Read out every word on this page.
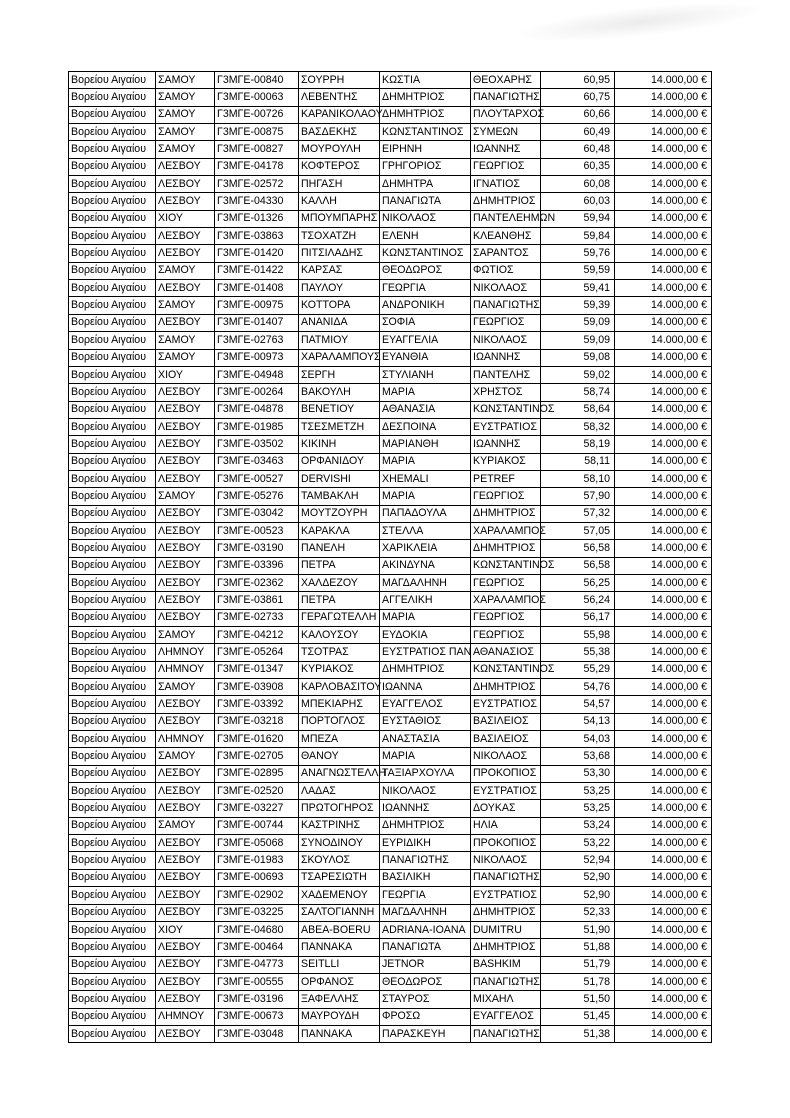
Βορείου Αιγαίου	ΣΑΜΟΥ	Γ3ΜΓΕ-00840	ΣΟΥΡΡΗ	ΚΩΣΤΙΑ	ΘΕΟΧΑΡΗΣ	60,95	14.000,00 €
Βορείου Αιγαίου	ΣΑΜΟΥ	Γ3ΜΓΕ-00063	ΛΕΒΕΝΤΗΣ	ΔΗΜΗΤΡΙΟΣ	ΠΑΝΑΓΙΩΤΗΣ	60,75	14.000,00 €
Βορείου Αιγαίου	ΣΑΜΟΥ	Γ3ΜΓΕ-00726	ΚΑΡΑΝΙΚΟΛΑΟΥ	ΔΗΜΗΤΡΙΟΣ	ΠΛΟΥΤΑΡΧΟΣ	60,66	14.000,00 €
Βορείου Αιγαίου	ΣΑΜΟΥ	Γ3ΜΓΕ-00875	ΒΑΣΔΕΚΗΣ	ΚΩΝΣΤΑΝΤΙΝΟΣ	ΣΥΜΕΩΝ	60,49	14.000,00 €
Βορείου Αιγαίου	ΣΑΜΟΥ	Γ3ΜΓΕ-00827	ΜΟΥΡΟΥΛΗ	ΕΙΡΗΝΗ	ΙΩΑΝΝΗΣ	60,48	14.000,00 €
Βορείου Αιγαίου	ΛΕΣΒΟΥ	Γ3ΜΓΕ-04178	ΚΟΦΤΕΡΟΣ	ΓΡΗΓΟΡΙΟΣ	ΓΕΩΡΓΙΟΣ	60,35	14.000,00 €
Βορείου Αιγαίου	ΛΕΣΒΟΥ	Γ3ΜΓΕ-02572	ΠΗΓΑΣΗ	ΔΗΜΗΤΡΑ	ΙΓΝΑΤΙΟΣ	60,08	14.000,00 €
Βορείου Αιγαίου	ΛΕΣΒΟΥ	Γ3ΜΓΕ-04330	ΚΑΛΛΗ	ΠΑΝΑΓΙΩΤΑ	ΔΗΜΗΤΡΙΟΣ	60,03	14.000,00 €
Βορείου Αιγαίου	ΧΙΟΥ	Γ3ΜΓΕ-01326	ΜΠΟΥΜΠΑΡΗΣ	ΝΙΚΟΛΑΟΣ	ΠΑΝΤΕΛΕΗΜΩΝ	59,94	14.000,00 €
Βορείου Αιγαίου	ΛΕΣΒΟΥ	Γ3ΜΓΕ-03863	ΤΣΟΧΑΤΖΗ	ΕΛΕΝΗ	ΚΛΕΑΝΘΗΣ	59,84	14.000,00 €
Βορείου Αιγαίου	ΛΕΣΒΟΥ	Γ3ΜΓΕ-01420	ΠΙΤΣΙΛΑΔΗΣ	ΚΩΝΣΤΑΝΤΙΝΟΣ	ΣΑΡΑΝΤΟΣ	59,76	14.000,00 €
Βορείου Αιγαίου	ΣΑΜΟΥ	Γ3ΜΓΕ-01422	ΚΑΡΣΑΣ	ΘΕΟΔΩΡΟΣ	ΦΩΤΙΟΣ	59,59	14.000,00 €
Βορείου Αιγαίου	ΛΕΣΒΟΥ	Γ3ΜΓΕ-01408	ΠΑΥΛΟΥ	ΓΕΩΡΓΙΑ	ΝΙΚΟΛΑΟΣ	59,41	14.000,00 €
Βορείου Αιγαίου	ΣΑΜΟΥ	Γ3ΜΓΕ-00975	ΚΟΤΤΟΡΑ	ΑΝΔΡΟΝΙΚΗ	ΠΑΝΑΓΙΩΤΗΣ	59,39	14.000,00 €
Βορείου Αιγαίου	ΛΕΣΒΟΥ	Γ3ΜΓΕ-01407	ΑΝΑΝΙΔΑ	ΣΟΦΙΑ	ΓΕΩΡΓΙΟΣ	59,09	14.000,00 €
Βορείου Αιγαίου	ΣΑΜΟΥ	Γ3ΜΓΕ-02763	ΠΑΤΜΙΟΥ	ΕΥΑΓΓΕΛΙΑ	ΝΙΚΟΛΑΟΣ	59,09	14.000,00 €
Βορείου Αιγαίου	ΣΑΜΟΥ	Γ3ΜΓΕ-00973	ΧΑΡΑΛΑΜΠΟΥΣ	ΕΥΑΝΘΙΑ	ΙΩΑΝΝΗΣ	59,08	14.000,00 €
Βορείου Αιγαίου	ΧΙΟΥ	Γ3ΜΓΕ-04948	ΣΕΡΓΗ	ΣΤΥΛΙΑΝΗ	ΠΑΝΤΕΛΗΣ	59,02	14.000,00 €
Βορείου Αιγαίου	ΛΕΣΒΟΥ	Γ3ΜΓΕ-00264	ΒΑΚΟΥΛΗ	ΜΑΡΙΑ	ΧΡΗΣΤΟΣ	58,74	14.000,00 €
Βορείου Αιγαίου	ΛΕΣΒΟΥ	Γ3ΜΓΕ-04878	ΒΕΝΕΤΙΟΥ	ΑΘΑΝΑΣΙΑ	ΚΩΝΣΤΑΝΤΙΝΟΣ	58,64	14.000,00 €
Βορείου Αιγαίου	ΛΕΣΒΟΥ	Γ3ΜΓΕ-01985	ΤΣΕΣΜΕΤΖΗ	ΔΕΣΠΟΙΝΑ	ΕΥΣΤΡΑΤΙΟΣ	58,32	14.000,00 €
Βορείου Αιγαίου	ΛΕΣΒΟΥ	Γ3ΜΓΕ-03502	ΚΙΚΙΝΗ	ΜΑΡΙΑΝΘΗ	ΙΩΑΝΝΗΣ	58,19	14.000,00 €
Βορείου Αιγαίου	ΛΕΣΒΟΥ	Γ3ΜΓΕ-03463	ΟΡΦΑΝΙΔΟΥ	ΜΑΡΙΑ	ΚΥΡΙΑΚΟΣ	58,11	14.000,00 €
Βορείου Αιγαίου	ΛΕΣΒΟΥ	Γ3ΜΓΕ-00527	DERVISHI	XHEMALI	PETREF	58,10	14.000,00 €
Βορείου Αιγαίου	ΣΑΜΟΥ	Γ3ΜΓΕ-05276	ΤΑΜΒΑΚΛΗ	ΜΑΡΙΑ	ΓΕΩΡΓΙΟΣ	57,90	14.000,00 €
Βορείου Αιγαίου	ΛΕΣΒΟΥ	Γ3ΜΓΕ-03042	ΜΟΥΤΖΟΥΡΗ	ΠΑΠΑΔΟΥΛΑ	ΔΗΜΗΤΡΙΟΣ	57,32	14.000,00 €
Βορείου Αιγαίου	ΛΕΣΒΟΥ	Γ3ΜΓΕ-00523	ΚΑΡΑΚΛΑ	ΣΤΕΛΛΑ	ΧΑΡΑΛΑΜΠΟΣ	57,05	14.000,00 €
Βορείου Αιγαίου	ΛΕΣΒΟΥ	Γ3ΜΓΕ-03190	ΠΑΝΕΛΗ	ΧΑΡΙΚΛΕΙΑ	ΔΗΜΗΤΡΙΟΣ	56,58	14.000,00 €
Βορείου Αιγαίου	ΛΕΣΒΟΥ	Γ3ΜΓΕ-03396	ΠΕΤΡΑ	ΑΚΙΝΔΥΝΑ	ΚΩΝΣΤΑΝΤΙΝΟΣ	56,58	14.000,00 €
Βορείου Αιγαίου	ΛΕΣΒΟΥ	Γ3ΜΓΕ-02362	ΧΑΛΔΕΖΟΥ	ΜΑΓΔΑΛΗΝΗ	ΓΕΩΡΓΙΟΣ	56,25	14.000,00 €
Βορείου Αιγαίου	ΛΕΣΒΟΥ	Γ3ΜΓΕ-03861	ΠΕΤΡΑ	ΑΓΓΕΛΙΚΗ	ΧΑΡΑΛΑΜΠΟΣ	56,24	14.000,00 €
Βορείου Αιγαίου	ΛΕΣΒΟΥ	Γ3ΜΓΕ-02733	ΓΕΡΑΓΩΤΕΛΛΗ	ΜΑΡΙΑ	ΓΕΩΡΓΙΟΣ	56,17	14.000,00 €
Βορείου Αιγαίου	ΣΑΜΟΥ	Γ3ΜΓΕ-04212	ΚΑΛΟΥΣΟΥ	ΕΥΔΟΚΙΑ	ΓΕΩΡΓΙΟΣ	55,98	14.000,00 €
Βορείου Αιγαίου	ΛΗΜΝΟΥ	Γ3ΜΓΕ-05264	ΤΣΟΤΡΑΣ	ΕΥΣΤΡΑΤΙΟΣ ΠΑΝ	ΑΘΑΝΑΣΙΟΣ	55,38	14.000,00 €
Βορείου Αιγαίου	ΛΗΜΝΟΥ	Γ3ΜΓΕ-01347	ΚΥΡΙΑΚΟΣ	ΔΗΜΗΤΡΙΟΣ	ΚΩΝΣΤΑΝΤΙΝΟΣ	55,29	14.000,00 €
Βορείου Αιγαίου	ΣΑΜΟΥ	Γ3ΜΓΕ-03908	ΚΑΡΛΟΒΑΣΙΤΟΥ	ΙΩΑΝΝΑ	ΔΗΜΗΤΡΙΟΣ	54,76	14.000,00 €
Βορείου Αιγαίου	ΛΕΣΒΟΥ	Γ3ΜΓΕ-03392	ΜΠΕΚΙΑΡΗΣ	ΕΥΑΓΓΕΛΟΣ	ΕΥΣΤΡΑΤΙΟΣ	54,57	14.000,00 €
Βορείου Αιγαίου	ΛΕΣΒΟΥ	Γ3ΜΓΕ-03218	ΠΟΡΤΟΓΛΟΣ	ΕΥΣΤΑΘΙΟΣ	ΒΑΣΙΛΕΙΟΣ	54,13	14.000,00 €
Βορείου Αιγαίου	ΛΗΜΝΟΥ	Γ3ΜΓΕ-01620	ΜΠΕΖΑ	ΑΝΑΣΤΑΣΙΑ	ΒΑΣΙΛΕΙΟΣ	54,03	14.000,00 €
Βορείου Αιγαίου	ΣΑΜΟΥ	Γ3ΜΓΕ-02705	ΘΑΝΟΥ	ΜΑΡΙΑ	ΝΙΚΟΛΑΟΣ	53,68	14.000,00 €
Βορείου Αιγαίου	ΛΕΣΒΟΥ	Γ3ΜΓΕ-02895	ΑΝΑΓΝΩΣΤΕΛΛΗ	ΤΑΞΙΑΡΧΟΥΛΑ	ΠΡΟΚΟΠΙΟΣ	53,30	14.000,00 €
Βορείου Αιγαίου	ΛΕΣΒΟΥ	Γ3ΜΓΕ-02520	ΛΑΔΑΣ	ΝΙΚΟΛΑΟΣ	ΕΥΣΤΡΑΤΙΟΣ	53,25	14.000,00 €
Βορείου Αιγαίου	ΛΕΣΒΟΥ	Γ3ΜΓΕ-03227	ΠΡΩΤΟΓΗΡΟΣ	ΙΩΑΝΝΗΣ	ΔΟΥΚΑΣ	53,25	14.000,00 €
Βορείου Αιγαίου	ΣΑΜΟΥ	Γ3ΜΓΕ-00744	ΚΑΣΤΡΙΝΗΣ	ΔΗΜΗΤΡΙΟΣ	ΗΛΙΑ	53,24	14.000,00 €
Βορείου Αιγαίου	ΛΕΣΒΟΥ	Γ3ΜΓΕ-05068	ΣΥΝΟΔΙΝΟΥ	ΕΥΡΙΔΙΚΗ	ΠΡΟΚΟΠΙΟΣ	53,22	14.000,00 €
Βορείου Αιγαίου	ΛΕΣΒΟΥ	Γ3ΜΓΕ-01983	ΣΚΟΥΛΟΣ	ΠΑΝΑΓΙΩΤΗΣ	ΝΙΚΟΛΑΟΣ	52,94	14.000,00 €
Βορείου Αιγαίου	ΛΕΣΒΟΥ	Γ3ΜΓΕ-00693	ΤΣΑΡΕΣΙΩΤΗ	ΒΑΣΙΛΙΚΗ	ΠΑΝΑΓΙΩΤΗΣ	52,90	14.000,00 €
Βορείου Αιγαίου	ΛΕΣΒΟΥ	Γ3ΜΓΕ-02902	ΧΑΔΕΜΕΝΟΥ	ΓΕΩΡΓΙΑ	ΕΥΣΤΡΑΤΙΟΣ	52,90	14.000,00 €
Βορείου Αιγαίου	ΛΕΣΒΟΥ	Γ3ΜΓΕ-03225	ΣΑΛΤΟΓΙΑΝΝΗ	ΜΑΓΔΑΛΗΝΗ	ΔΗΜΗΤΡΙΟΣ	52,33	14.000,00 €
Βορείου Αιγαίου	ΧΙΟΥ	Γ3ΜΓΕ-04680	ABEA-BOERU	ADRIANA-IOANA	DUMITRU	51,90	14.000,00 €
Βορείου Αιγαίου	ΛΕΣΒΟΥ	Γ3ΜΓΕ-00464	ΠΑΝΝΑΚΑ	ΠΑΝΑΓΙΩΤΑ	ΔΗΜΗΤΡΙΟΣ	51,88	14.000,00 €
Βορείου Αιγαίου	ΛΕΣΒΟΥ	Γ3ΜΓΕ-04773	SEITLLI	JETNOR	BASHKIM	51,79	14.000,00 €
Βορείου Αιγαίου	ΛΕΣΒΟΥ	Γ3ΜΓΕ-00555	ΟΡΦΑΝΟΣ	ΘΕΟΔΩΡΟΣ	ΠΑΝΑΓΙΩΤΗΣ	51,78	14.000,00 €
Βορείου Αιγαίου	ΛΕΣΒΟΥ	Γ3ΜΓΕ-03196	ΞΑΦΕΛΛΗΣ	ΣΤΑΥΡΟΣ	ΜΙΧΑΗΛ	51,50	14.000,00 €
Βορείου Αιγαίου	ΛΗΜΝΟΥ	Γ3ΜΓΕ-00673	ΜΑΥΡΟΥΔΗ	ΦΡΟΣΩ	ΕΥΑΓΓΕΛΟΣ	51,45	14.000,00 €
Βορείου Αιγαίου	ΛΕΣΒΟΥ	Γ3ΜΓΕ-03048	ΠΑΝΝΑΚΑ	ΠΑΡΑΣΚΕΥΗ	ΠΑΝΑΓΙΩΤΗΣ	51,38	14.000,00 €
